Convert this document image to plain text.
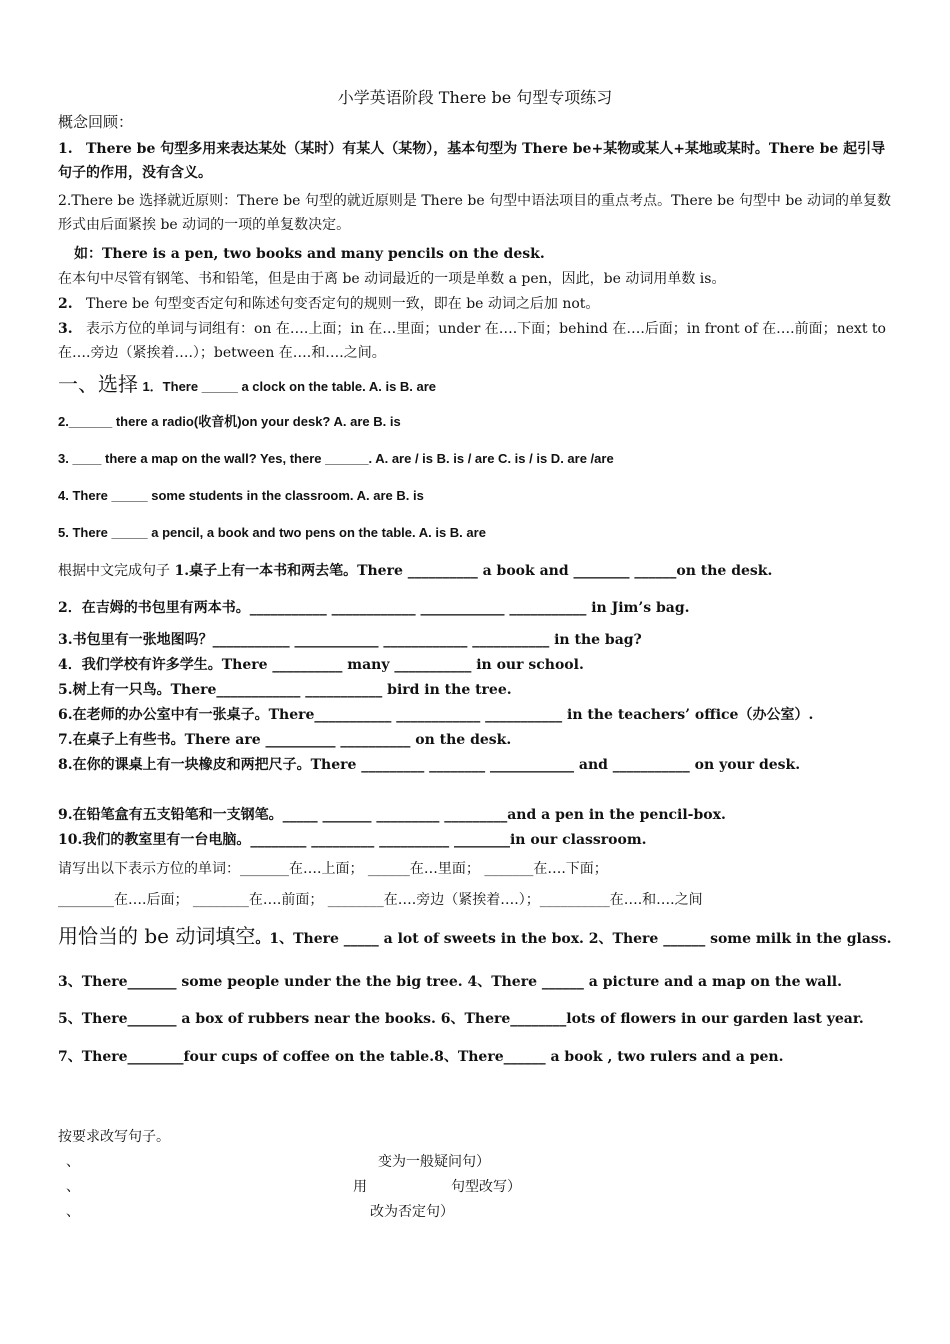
小学英语阶段 There be 句型专项练习
概念回顾：
1. There be 句型多用来表达某处（某时）有某人（某物），基本句型为 There be+某物或某人+某地或某时。There be 起引导句子的作用，没有含义。
2.There be 选择就近原则：There be 句型的就近原则是 There be 句型中语法项目的重点考点。There be 句型中 be 动词的单复数形式由后面紧挨 be 动词的一项的单复数决定。
如：There is a pen, two books and many pencils on the desk.
在本句中尽管有钢笔、书和铅笔，但是由于离 be 动词最近的一项是单数 a pen，因此，be 动词用单数 is。
2. There be 句型变否定句和陈述句变否定句的规则一致，即在 be 动词之后加 not。
3. 表示方位的单词与词组有：on 在….上面；in 在…里面；under 在….下面；behind 在….后面；in front of 在….前面；next to 在….旁边（紧挨着….）；between 在….和….之间。
一、选择 1．There _____ a clock on the table. A. is B. are
2.______ there a radio(收音机)on your desk? A. are B. is
3. ____ there a map on the wall? Yes, there ______. A. are / is B. is / are C. is / is D. are /are
4. There _____ some students in the classroom. A. are B. is
5. There _____ a pencil, a book and two pens on the table. A. is B. are
根据中文完成句子 1.桌子上有一本书和两去笔。There __________ a book and ________ ______on the desk.
2．在吉姆的书包里有两本书。___________ ____________ ____________ ___________ in Jim’s bag.
3.书包里有一张地图吗？___________ ____________ ____________ ___________ in the bag?
4．我们学校有许多学生。There __________ many ___________ in our school.
5.树上有一只鸟。There____________ ___________ bird in the tree.
6.在老师的办公室中有一张桌子。There___________ ____________ ___________ in the teachers’ office（办公室）.
7.在桌子上有些书。There are __________ __________ on the desk.
8.在你的课桌上有一块橡皮和两把尺子。There _________ ________ ____________ and ___________ on your desk.
9.在铅笔盒有五支铅笔和一支钢笔。_____ _______ _________ _________and a pen in the pencil-box.
10.我们的教室里有一台电脑。________ _________ __________ ________in our classroom.
请写出以下表示方位的单词：_______在….上面； ______在…里面； _______在….下面；
________在….后面； ________在….前面； ________在….旁边（紧挨着….）；__________在….和….之间
用恰当的 be 动词填空。1、There _____ a lot of sweets in the box. 2、There ______ some milk in the glass.
3、There_______ some people under the the big tree. 4、There ______ a picture and a map on the wall.
5、There_______ a box of rubbers near the books. 6、There________lots of flowers in our garden last year.
7、There________four cups of coffee on the table.8、There______ a book , two rulers and a pen.
按要求改写句子。
、	变为一般疑问句）
、	用	句型改写）
、	改为否定句）
